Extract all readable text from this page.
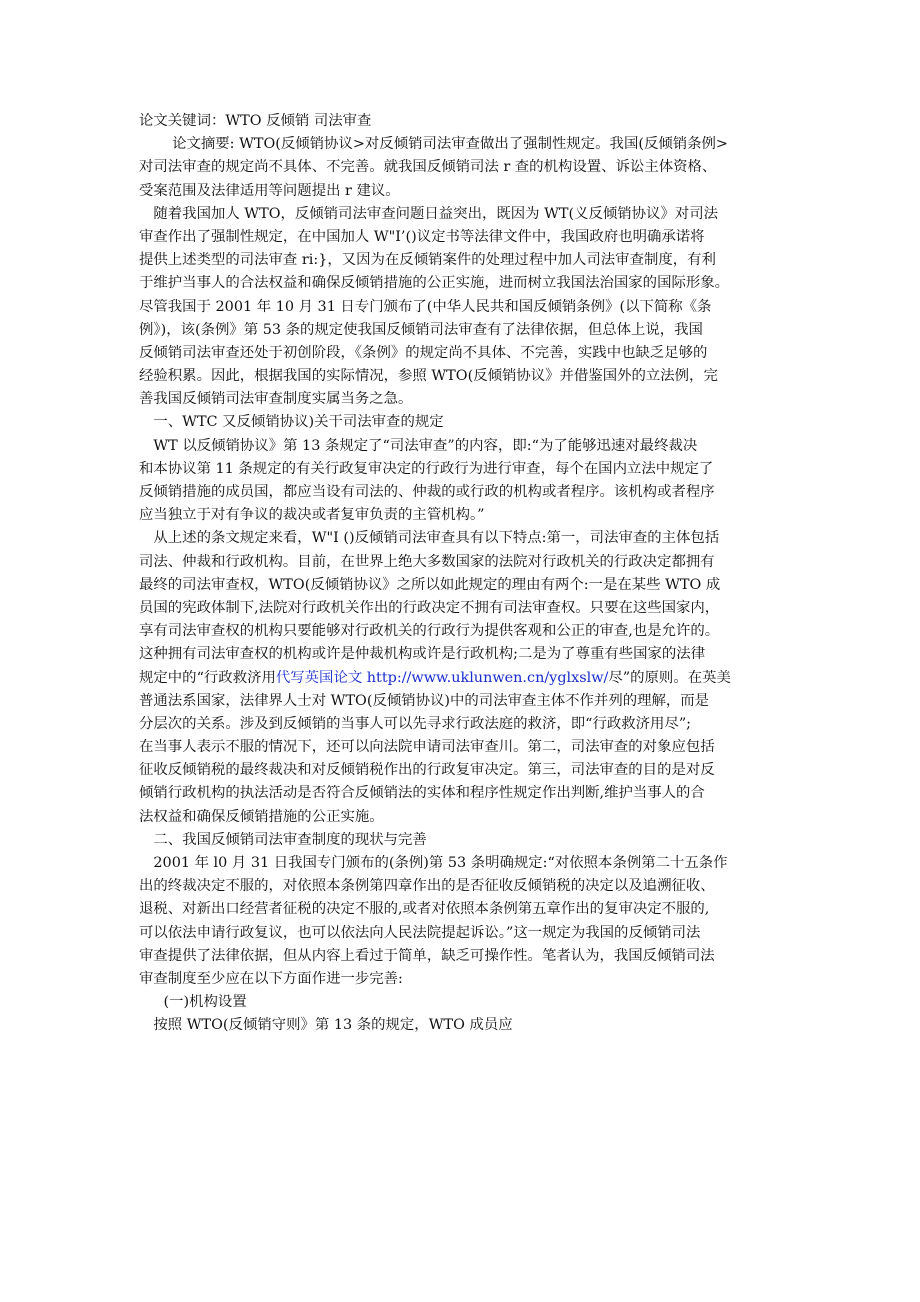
论文关键词：WTO 反倾销 司法审查
论文摘要: WTO(反倾销协议>对反倾销司法审查做出了强制性规定。我国(反倾销条例>
对司法审查的规定尚不具体、不完善。就我国反倾销司法 r 查的机构设置、诉讼主体资格、
受案范围及法律适用等问题提出 r 建议。
随着我国加人 WTO，反倾销司法审查问题日益突出，既因为 WT(义反倾销协议》对司法
审查作出了强制性规定，在中国加人 W"I’()议定书等法律文件中，我国政府也明确承诺将
提供上述类型的司法审查 ri:}，又因为在反倾销案件的处理过程中加人司法审查制度，有利
于维护当事人的合法权益和确保反倾销措施的公正实施，进而树立我国法治国家的国际形象。
尽管我国于 2001 年 10 月 31 日专门颁布了(中华人民共和国反倾销条例》(以下简称《条
例》)，该(条例》第 53 条的规定使我国反倾销司法审查有了法律依据，但总体上说，我国
反倾销司法审查还处于初创阶段，《条例》的规定尚不具体、不完善，实践中也缺乏足够的
经验积累。因此，根据我国的实际情况，参照 WTO(反倾销协议》并借鉴国外的立法例，完
善我国反倾销司法审查制度实属当务之急。
一、WTC 又反倾销协议)关干司法审查的规定
WT 以反倾销协议》第 13 条规定了“司法审查”的内容，即:“为了能够迅速对最终裁决
和本协议第 11 条规定的有关行政复审决定的行政行为进行审查，每个在国内立法中规定了
反倾销措施的成员国，都应当设有司法的、仲裁的或行政的机构或者程序。该机构或者程序
应当独立于对有争议的裁决或者复审负责的主管机构。”
从上述的条文规定来看，W"I ()反倾销司法审查具有以下特点:第一，司法审查的主体包括
司法、仲裁和行政机构。目前，在世界上绝大多数国家的法院对行政机关的行政决定都拥有
最终的司法审查权，WTO(反倾销协议》之所以如此规定的理由有两个:一是在某些 WTO 成
员国的宪政体制下,法院对行政机关作出的行政决定不拥有司法审查权。只要在这些国家内，
享有司法审查权的机构只要能够对行政机关的行政行为提供客观和公正的审查,也是允许的。
这种拥有司法审查权的机构或许是仲裁机构或许是行政机构;二是为了尊重有些国家的法律
规定中的“行政救济用代写英国论文 http://www.uklunwen.cn/yglxslw/尽”的原则。在英美
普通法系国家，法律界人士对 WTO(反倾销协议)中的司法审查主体不作并列的理解，而是
分层次的关系。涉及到反倾销的当事人可以先寻求行政法庭的救济，即“行政救济用尽”;
在当事人表示不服的情况下，还可以向法院申请司法审查川。第二，司法审查的对象应包括
征收反倾销税的最终裁决和对反倾销税作出的行政复审决定。第三，司法审查的目的是对反
倾销行政机构的执法活动是否符合反倾销法的实体和程序性规定作出判断,维护当事人的合
法权益和确保反倾销措施的公正实施。
二、我国反倾销司法审查制度的现状与完善
2001 年 l0 月 31 日我国专门颁布的(条例)第 53 条明确规定:“对依照本条例第二十五条作
出的终裁决定不服的，对依照本条例第四章作出的是否征收反倾销税的决定以及追溯征收、
退税、对新出口经营者征税的决定不服的,或者对依照本条例第五章作出的复审决定不服的,
可以依法申请行政复议，也可以依法向人民法院提起诉讼。”这一规定为我国的反倾销司法
审查提供了法律依据，但从内容上看过于简单，缺乏可操作性。笔者认为，我国反倾销司法
审查制度至少应在以下方面作进一步完善:
(一)机构设置
按照 WTO(反倾销守则》第 13 条的规定，WTO 成员应
